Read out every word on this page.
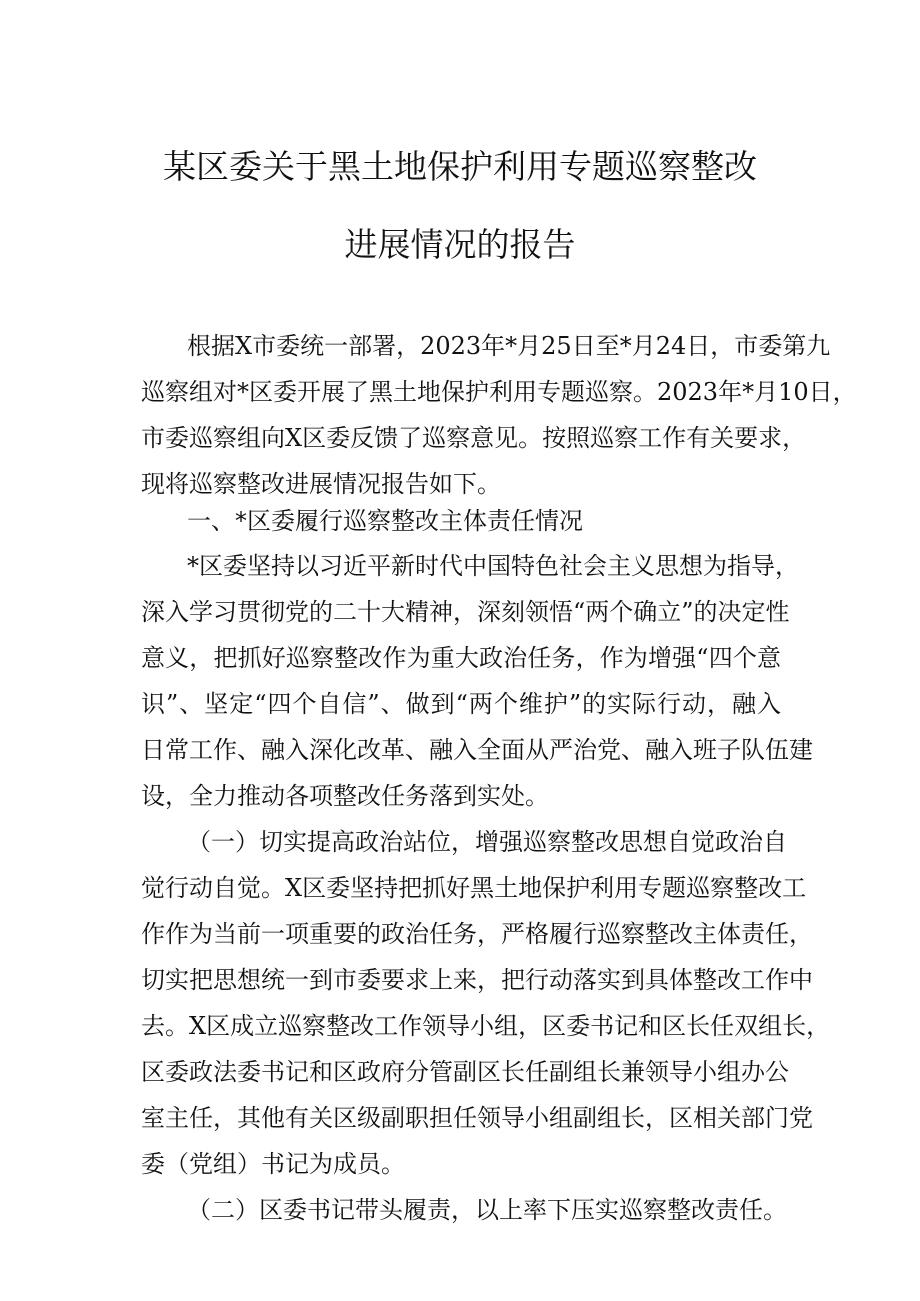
某区委关于黑土地保护利用专题巡察整改
进展情况的报告
根据X市委统一部署，2023年*月25日至*月24日，市委第九
巡察组对*区委开展了黑土地保护利用专题巡察。2023年*月10日，
市委巡察组向X区委反馈了巡察意见。按照巡察工作有关要求，
现将巡察整改进展情况报告如下。
一、*区委履行巡察整改主体责任情况
*区委坚持以习近平新时代中国特色社会主义思想为指导，
深入学习贯彻党的二十大精神，深刻领悟“两个确立”的决定性
意义，把抓好巡察整改作为重大政治任务，作为增强“四个意
识”、坚定“四个自信”、做到“两个维护”的实际行动，融入
日常工作、融入深化改革、融入全面从严治党、融入班子队伍建
设，全力推动各项整改任务落到实处。
（一）切实提高政治站位，增强巡察整改思想自觉政治自
觉行动自觉。X区委坚持把抓好黑土地保护利用专题巡察整改工
作作为当前一项重要的政治任务，严格履行巡察整改主体责任，
切实把思想统一到市委要求上来，把行动落实到具体整改工作中
去。X区成立巡察整改工作领导小组，区委书记和区长任双组长，
区委政法委书记和区政府分管副区长任副组长兼领导小组办公
室主任，其他有关区级副职担任领导小组副组长，区相关部门党
委（党组）书记为成员。
（二）区委书记带头履责，以上率下压实巡察整改责任。
